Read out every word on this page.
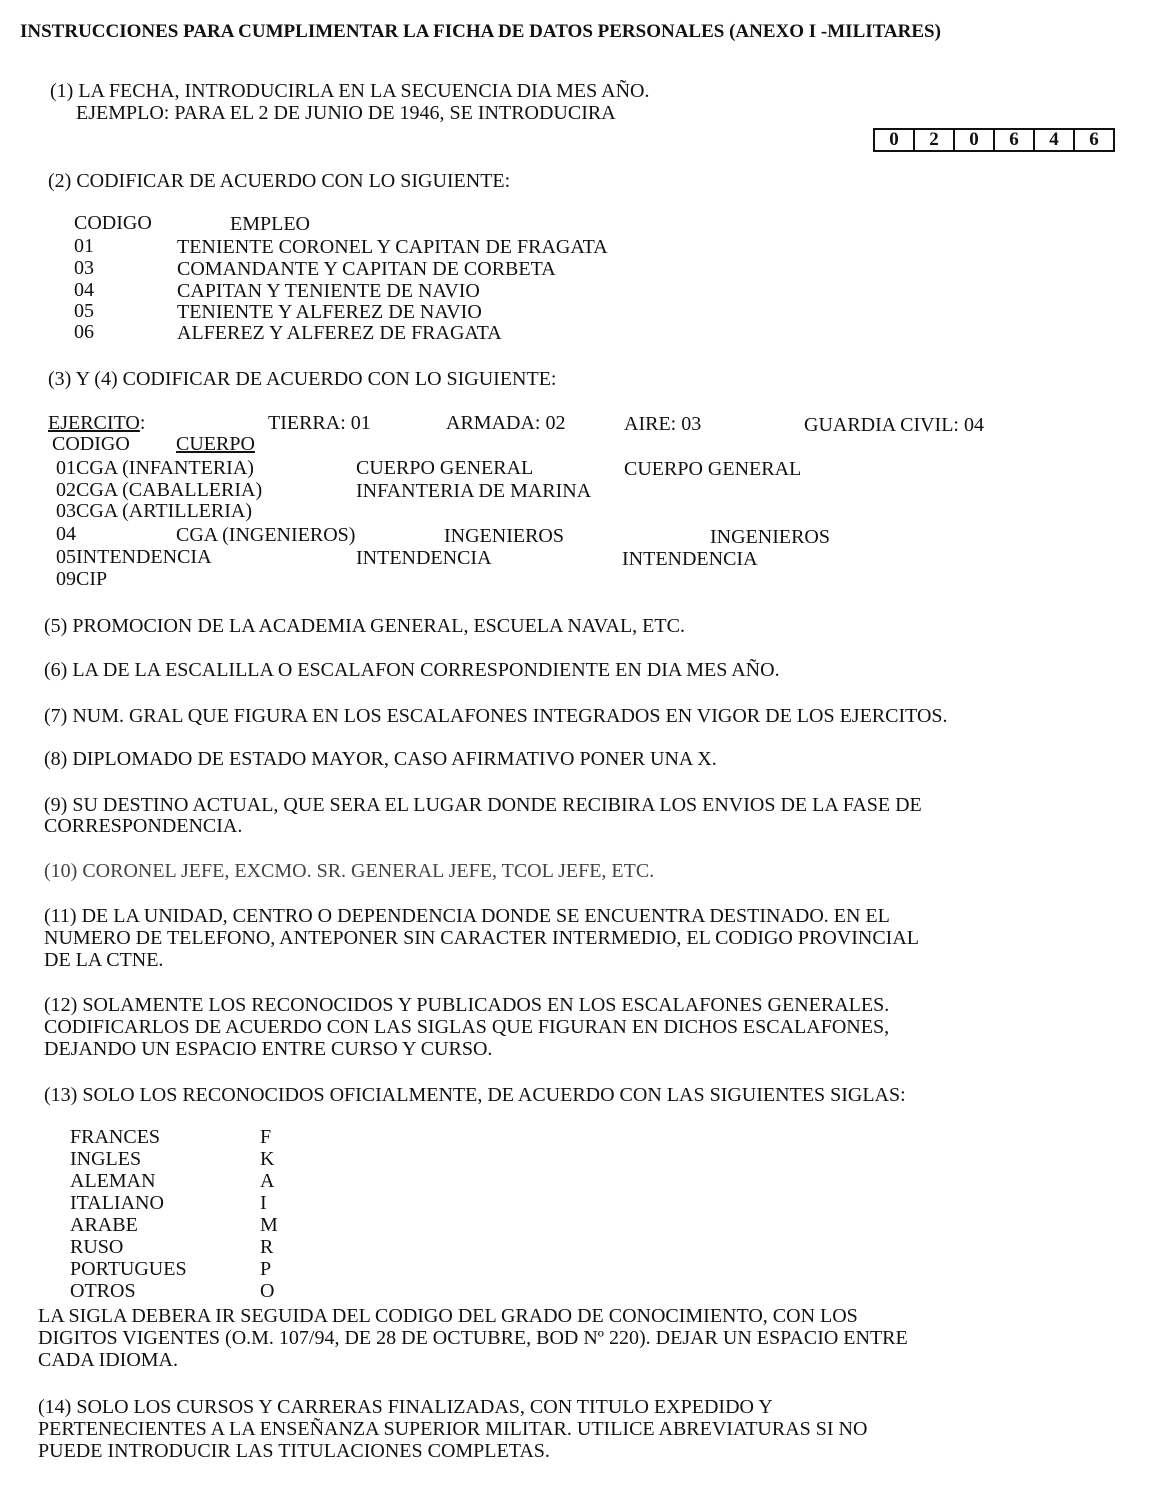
INSTRUCCIONES PARA CUMPLIMENTAR LA FICHA DE DATOS PERSONALES (ANEXO I -MILITARES)
(1) LA FECHA, INTRODUCIRLA EN LA SECUENCIA DIA MES AÑO.
EJEMPLO: PARA EL 2 DE JUNIO DE 1946, SE INTRODUCIRA
0	2	0	6	4	6
(2) CODIFICAR DE ACUERDO CON LO SIGUIENTE:
CODIGO	EMPLEO
01	TENIENTE CORONEL Y CAPITAN DE FRAGATA
03	COMANDANTE Y CAPITAN DE CORBETA
04	CAPITAN Y TENIENTE DE NAVIO
05	TENIENTE Y ALFEREZ DE NAVIO
06	ALFEREZ Y ALFEREZ DE FRAGATA
(3) Y (4) CODIFICAR DE ACUERDO CON LO SIGUIENTE:
EJERCITO:	TIERRA: 01	ARMADA: 02	AIRE: 03	GUARDIA CIVIL: 04
CODIGO CUERPO
01CGA (INFANTERIA)	CUERPO GENERAL	CUERPO GENERAL
02CGA (CABALLERIA)	INFANTERIA DE MARINA
03CGA (ARTILLERIA)
04	CGA (INGENIEROS)	INGENIEROS	INGENIEROS
05INTENDENCIA	INTENDENCIA	INTENDENCIA
09CIP
(5) PROMOCION DE LA ACADEMIA GENERAL, ESCUELA NAVAL, ETC.
(6) LA DE LA ESCALILLA O ESCALAFON CORRESPONDIENTE EN DIA MES AÑO.
(7) NUM. GRAL QUE FIGURA EN LOS ESCALAFONES INTEGRADOS EN VIGOR DE LOS EJERCITOS.
(8) DIPLOMADO DE ESTADO MAYOR, CASO AFIRMATIVO PONER UNA X.
(9) SU DESTINO ACTUAL, QUE SERA EL LUGAR DONDE RECIBIRA LOS ENVIOS DE LA FASE DE
CORRESPONDENCIA.
(10) CORONEL JEFE, EXCMO. SR. GENERAL JEFE, TCOL JEFE, ETC.
(11) DE LA UNIDAD, CENTRO O DEPENDENCIA DONDE SE ENCUENTRA DESTINADO. EN EL
NUMERO DE TELEFONO, ANTEPONER SIN CARACTER INTERMEDIO, EL CODIGO PROVINCIAL
DE LA CTNE.
(12) SOLAMENTE LOS RECONOCIDOS Y PUBLICADOS EN LOS ESCALAFONES GENERALES.
CODIFICARLOS DE ACUERDO CON LAS SIGLAS QUE FIGURAN EN DICHOS ESCALAFONES,
DEJANDO UN ESPACIO ENTRE CURSO Y CURSO.
(13) SOLO LOS RECONOCIDOS OFICIALMENTE, DE ACUERDO CON LAS SIGUIENTES SIGLAS:
FRANCES	F
INGLES	K
ALEMAN	A
ITALIANO	I
ARABE	M
RUSO	R
PORTUGUES	P
OTROS	O
LA SIGLA DEBERA IR SEGUIDA DEL CODIGO DEL GRADO DE CONOCIMIENTO, CON LOS
DIGITOS VIGENTES (O.M. 107/94, DE 28 DE OCTUBRE, BOD Nº 220). DEJAR UN ESPACIO ENTRE
CADA IDIOMA.
(14) SOLO LOS CURSOS Y CARRERAS FINALIZADAS, CON TITULO EXPEDIDO Y
PERTENECIENTES A LA ENSEÑANZA SUPERIOR MILITAR. UTILICE ABREVIATURAS SI NO
PUEDE INTRODUCIR LAS TITULACIONES COMPLETAS.
